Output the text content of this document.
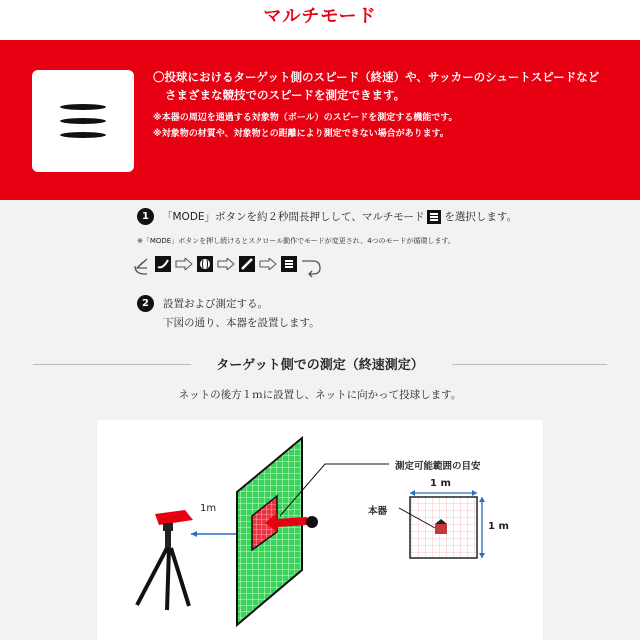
マルチモード
〇投球におけるターゲット側のスピード（終速）や、サッカーのシュートスピードなど
さまざまな競技でのスピードを測定できます。
※本器の周辺を通過する対象物（ボール）のスピードを測定する機能です。
※対象物の材質や、対象物との距離により測定できない場合があります。
1	「MODE」ボタンを約２秒間長押しして、マルチモード を選択します。
※「MODE」ボタンを押し続けるとスクロール動作でモードが変更され、4つのモードが循環します。
2	設置および測定する。
下図の通り、本器を設置します。
ターゲット側での測定（終速測定）
ネットの後方１ｍに設置し、ネットに向かって投球します。
1m
測定可能範囲の目安
本器
1 m
1 m
